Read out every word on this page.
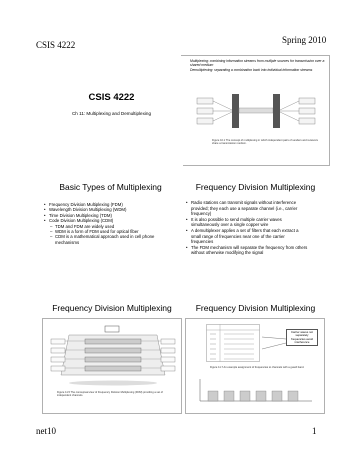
CSIS 4222	Spring 2010
Multiplexing: combining information streams from multiple sources for transmission over a shared medium
Demultiplexing: separating a combination back into individual information streams
Figure 10.1 The concept of multiplexing in which independent pairs of senders and receivers share a transmission medium.
CSIS 4222
Ch 11: Multiplexing and Demultiplexing
Basic Types of Multiplexing
• Frequency Division Multiplexing (FDM)
• Wavelength Division Multiplexing (WDM)
• Time Division Multiplexing (TDM)
• Code Division Multiplexing (CDM)
– TDM and FDM are widely used
– WDM is a form of FDM used for optical fiber
– CDM is a mathematical approach used in cell phone mechanisms
Frequency Division Multiplexing
• Radio stations can transmit signals without interference provided; they each use a separate channel (i.e., carrier frequency)
• It is also possible to send multiple carrier waves simultaneously over a single copper wire
• A demultiplexer applies a set of filters that each extract a small range of frequencies near one of the carrier frequencies
• The FDM mechanism will separate the frequency from others without otherwise modifying the signal
Frequency Division Multiplexing
Figure 11.5 The conceptual view of Frequency Division Multiplexing (FDM) providing a set of independent channels.
Frequency Division Multiplexing
Carrier waves not separately frequencies avoid interference
Figure 11.7 An example assignment of frequencies to channels with a guard band.
net10	1
